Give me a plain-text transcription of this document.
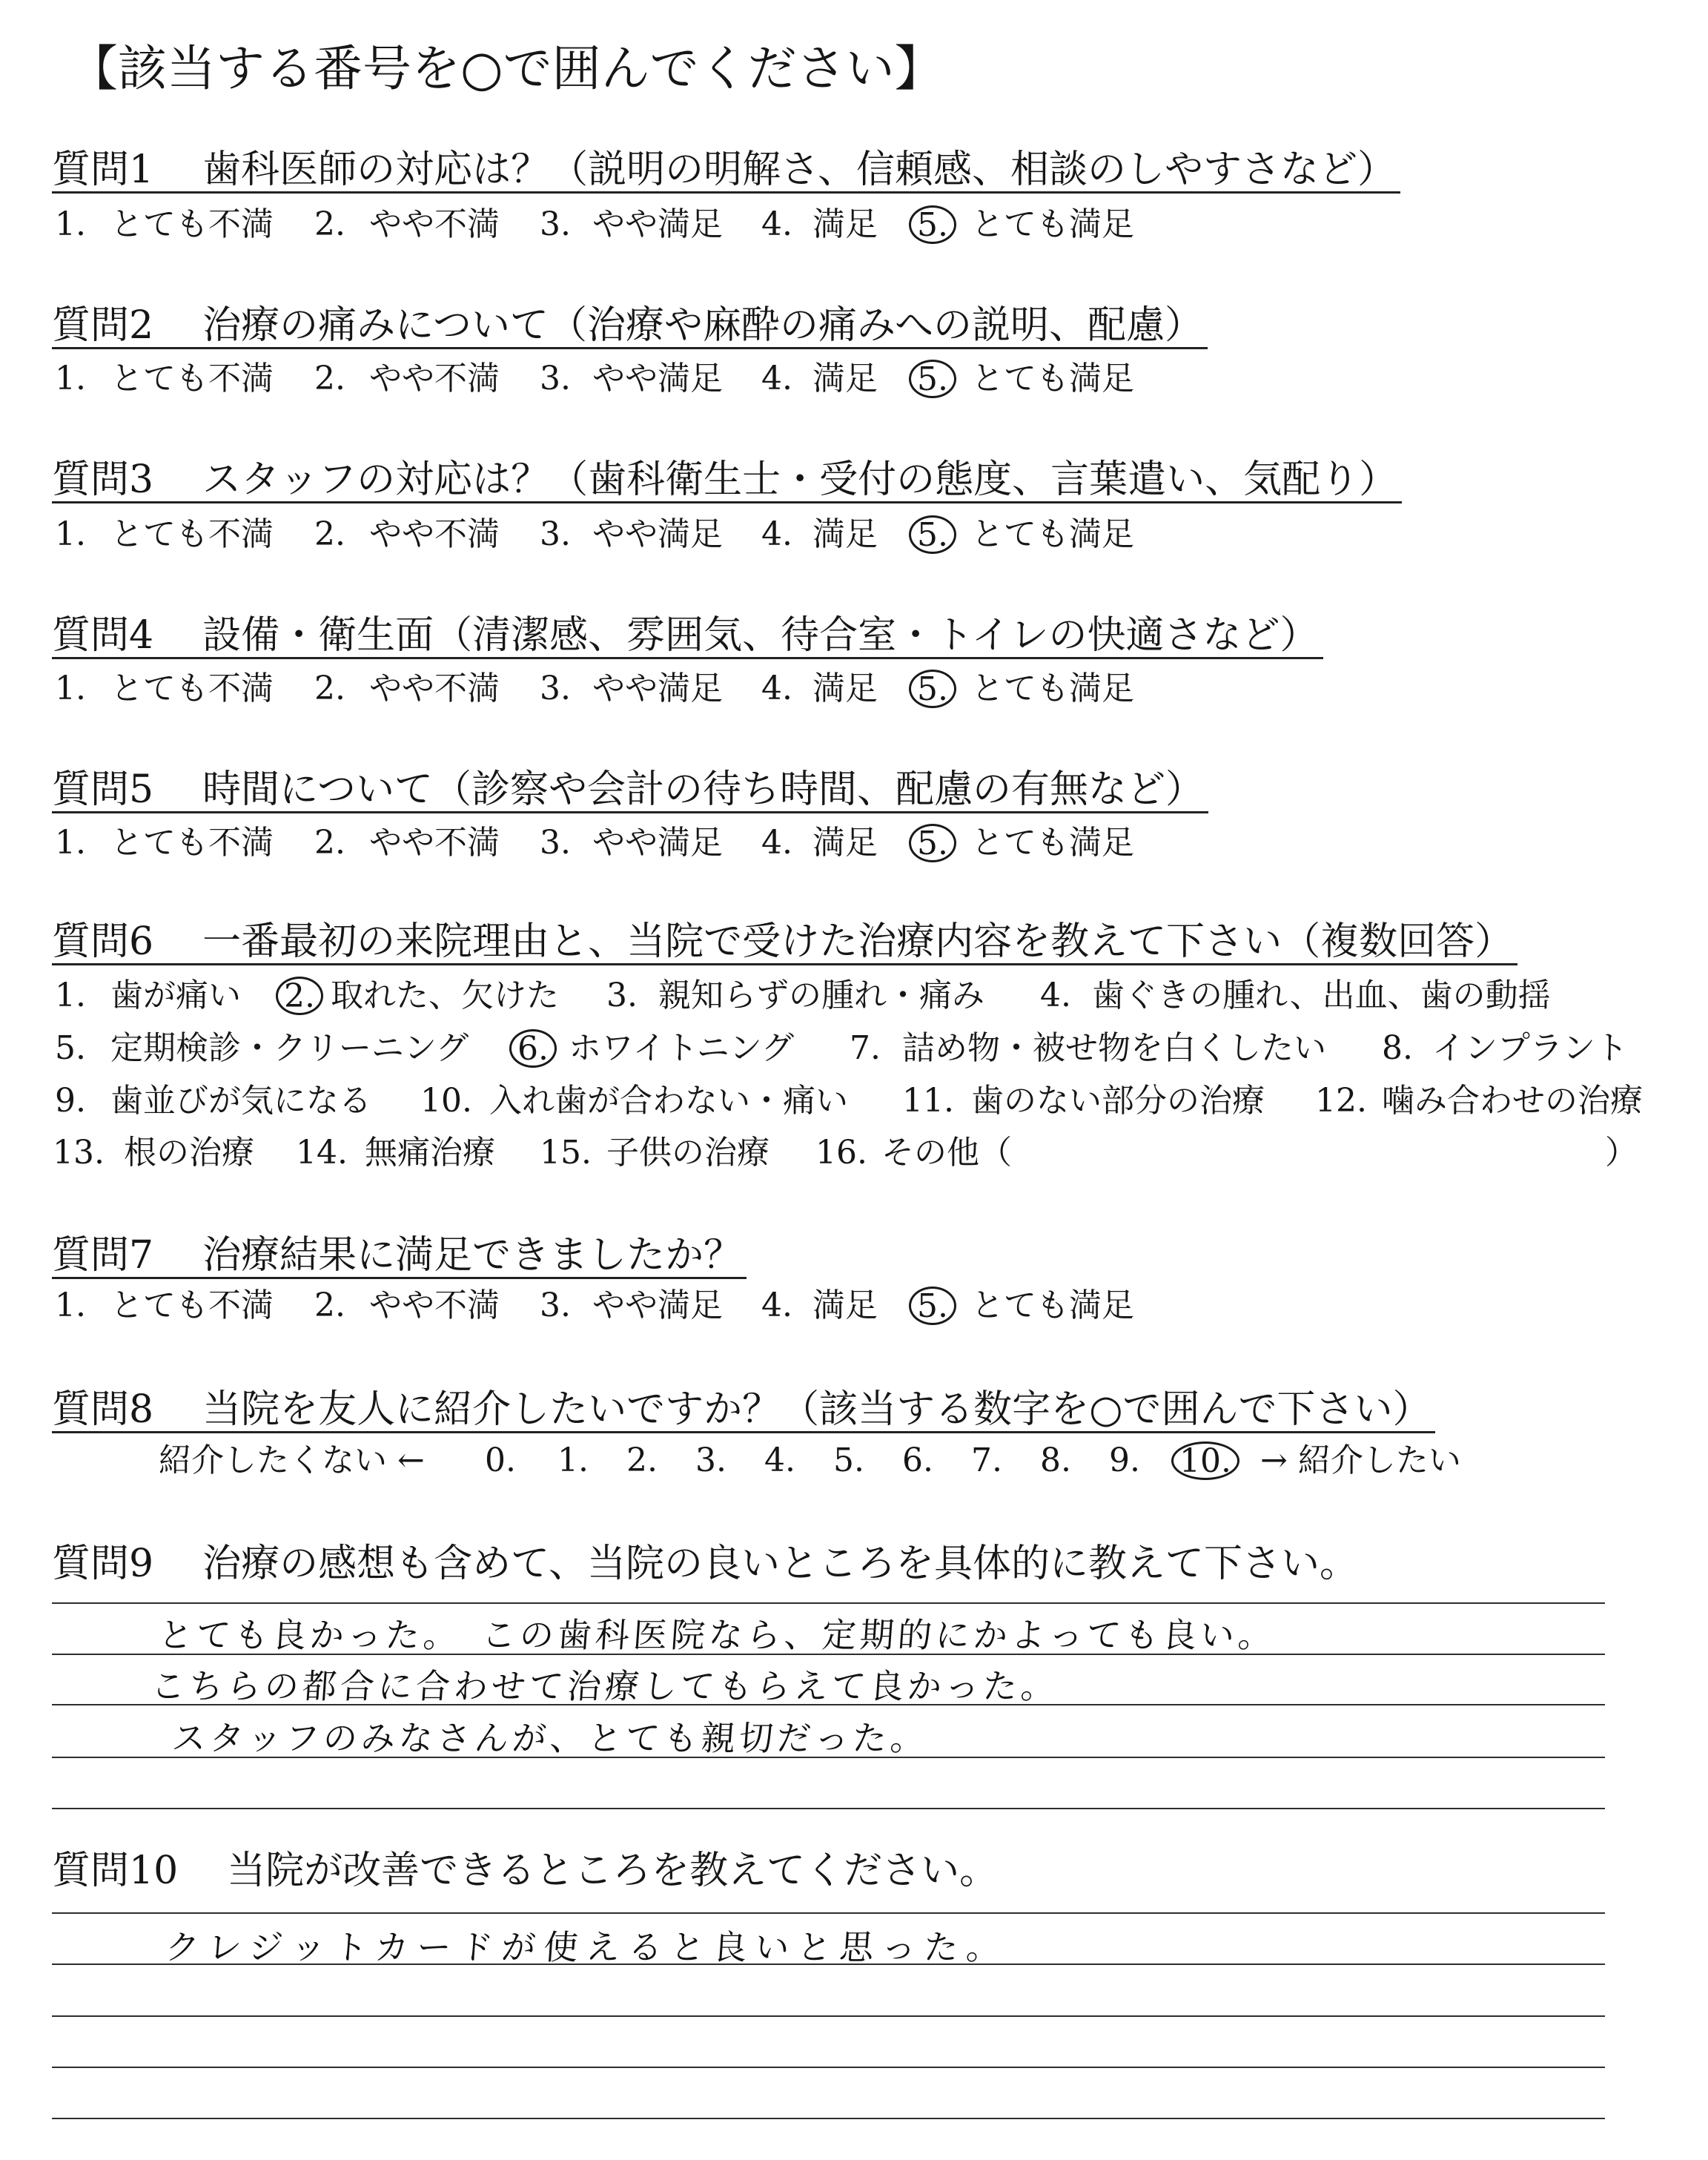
【該当する番号を○で囲んでください】
質問1 歯科医師の対応は？（説明の明解さ、信頼感、相談のしやすさなど）
1. とても不満 2. やや不満 3. やや満足 4. 満足 5. とても満足
質問2 治療の痛みについて（治療や麻酔の痛みへの説明、配慮）
1. とても不満 2. やや不満 3. やや満足 4. 満足 5. とても満足
質問3 スタッフの対応は？（歯科衛生士・受付の態度、言葉遣い、気配り）
1. とても不満 2. やや不満 3. やや満足 4. 満足 5. とても満足
質問4 設備・衛生面（清潔感、雰囲気、待合室・トイレの快適さなど）
1. とても不満 2. やや不満 3. やや満足 4. 満足 5. とても満足
質問5 時間について（診察や会計の待ち時間、配慮の有無など）
1. とても不満 2. やや不満 3. やや満足 4. 満足 5. とても満足
質問6 一番最初の来院理由と、当院で受けた治療内容を教えて下さい（複数回答）
1. 歯が痛い 2. 取れた、欠けた 3. 親知らずの腫れ・痛み 4. 歯ぐきの腫れ、出血、歯の動揺
5. 定期検診・クリーニング 6. ホワイトニング 7. 詰め物・被せ物を白くしたい 8. インプラント
9. 歯並びが気になる 10. 入れ歯が合わない・痛い 11. 歯のない部分の治療 12. 噛み合わせの治療
13. 根の治療 14. 無痛治療 15. 子供の治療 16. その他（	）
質問7 治療結果に満足できましたか？
1. とても不満 2. やや不満 3. やや満足 4. 満足 5. とても満足
質問8 当院を友人に紹介したいですか？（該当する数字を○で囲んで下さい）
紹介したくない ← 0. 1. 2. 3. 4. 5. 6. 7. 8. 9. 10. → 紹介したい
質問9 治療の感想も含めて、当院の良いところを具体的に教えて下さい。
とても良かった。　この歯科医院なら、定期的にかよっても良い。
こちらの都合に合わせて治療してもらえて良かった。
スタッフのみなさんが、とても親切だった。
質問10 当院が改善できるところを教えてください。
クレジットカードが使えると良いと思った。
